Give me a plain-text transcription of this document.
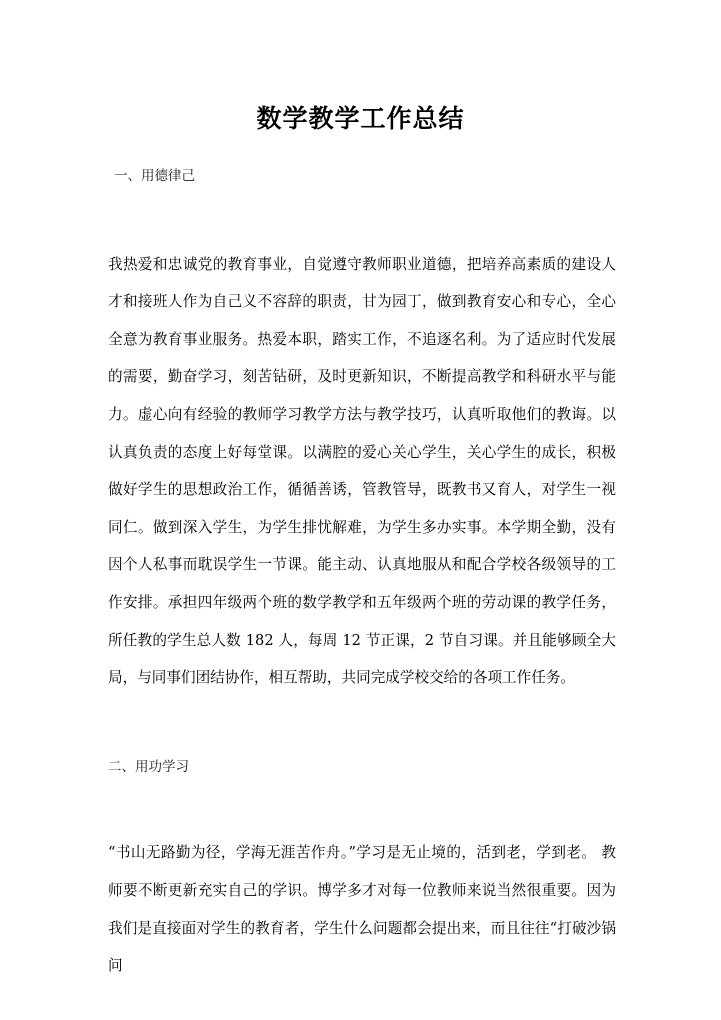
数学教学工作总结

一、用德律己

我热爱和忠诚党的教育事业，自觉遵守教师职业道德，把培养高素质的建设人才和接班人作为自己义不容辞的职责，甘为园丁，做到教育安心和专心，全心全意为教育事业服务。热爱本职，踏实工作，不追逐名利。为了适应时代发展的需要，勤奋学习，刻苦钻研，及时更新知识，不断提高教学和科研水平与能力。虚心向有经验的教师学习教学方法与教学技巧，认真听取他们的教诲。以认真负责的态度上好每堂课。以满腔的爱心关心学生，关心学生的成长，积极做好学生的思想政治工作，循循善诱，管教管导，既教书又育人，对学生一视同仁。做到深入学生，为学生排忧解难，为学生多办实事。本学期全勤，没有因个人私事而耽误学生一节课。能主动、认真地服从和配合学校各级领导的工作安排。承担四年级两个班的数学教学和五年级两个班的劳动课的教学任务，所任教的学生总人数 182 人，每周 12 节正课，2 节自习课。并且能够顾全大局，与同事们团结协作，相互帮助，共同完成学校交给的各项工作任务。

二、用功学习

“书山无路勤为径，学海无涯苦作舟。”学习是无止境的，活到老，学到老。 教师要不断更新充实自己的学识。博学多才对每一位教师来说当然很重要。因为我们是直接面对学生的教育者，学生什么问题都会提出来，而且往往“打破沙锅问
